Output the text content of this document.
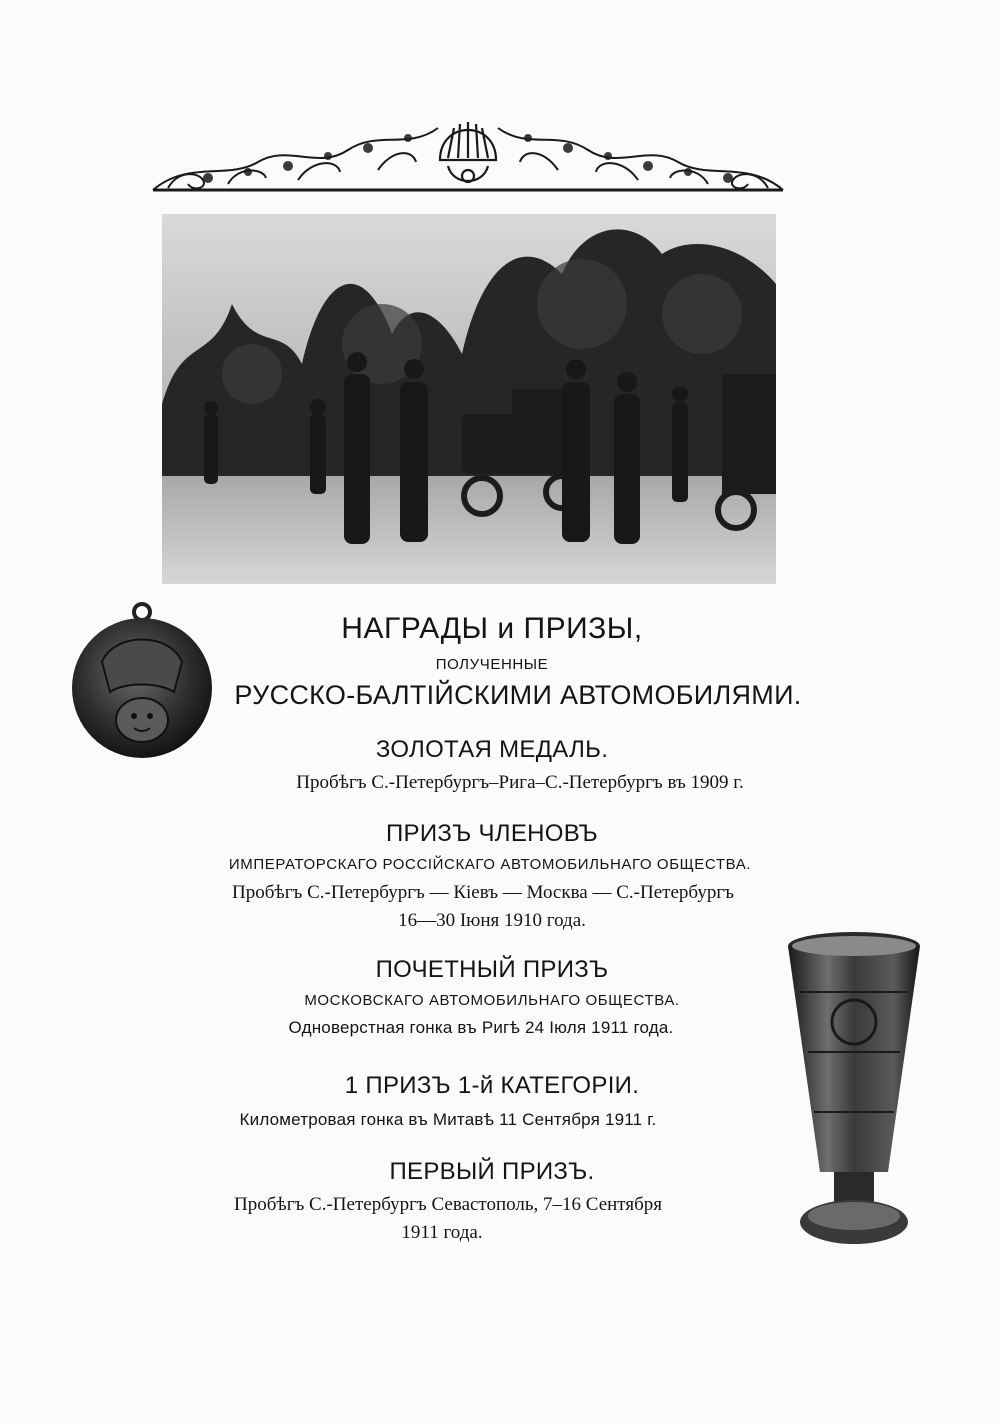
НАГРАДЫ и ПРИЗЫ,

ПОЛУЧЕННЫЕ

РУССКО-БАЛТІЙСКИМИ АВТОМОБИЛЯМИ.

ЗОЛОТАЯ МЕДАЛЬ.

Пробѣгъ С.-Петербургъ–Рига–С.-Петербургъ въ 1909 г.

ПРИЗЪ ЧЛЕНОВЪ

ИМПЕРАТОРСКАГО РОССІЙСКАГО АВТОМОБИЛЬНАГО ОБЩЕСТВА.

Пробѣгъ С.-Петербургъ — Кіевъ — Москва — С.-Петербургъ

16—30 Іюня 1910 года.

ПОЧЕТНЫЙ ПРИЗЪ

МОСКОВСКАГО АВТОМОБИЛЬНАГО ОБЩЕСТВА.

Одноверстная гонка въ Ригѣ 24 Іюля 1911 года.

1 ПРИЗЪ 1-й КАТЕГОРІИ.

Километровая гонка въ Митавѣ 11 Сентября 1911 г.

ПЕРВЫЙ ПРИЗЪ.

Пробѣгъ С.-Петербургъ Севастополь, 7–16 Сентября

1911 года.
